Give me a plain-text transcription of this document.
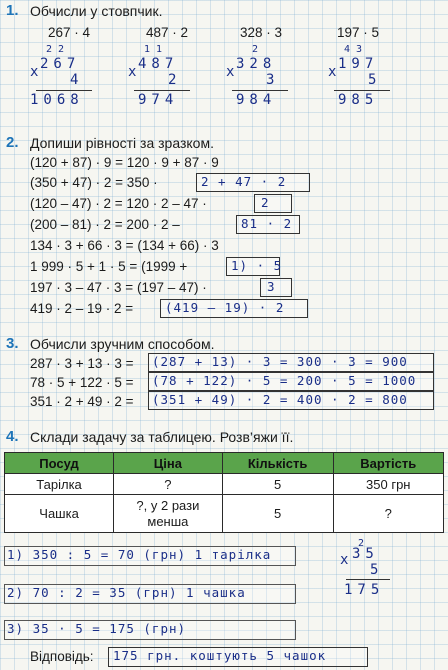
1. Обчисли у стовпчик.
267 · 4	487 · 2	328 · 3	197 · 5
2 2
x 267
4
1068
1 1
x 487
2
974
2
x 328
3
984
4 3
x 197
5
985
2. Допиши рівності за зразком.
(120 + 87) · 9 = 120 · 9 + 87 · 9
(350 + 47) · 2 = 350 ·	2 + 47 · 2
(120 – 47) · 2 = 120 · 2 – 47 ·	2
(200 – 81) · 2 = 200 · 2 –	81 · 2
134 · 3 + 66 · 3 = (134 + 66) · 3
1 999 · 5 + 1 · 5 = (1999 +	1) · 5
197 · 3 – 47 · 3 = (197 – 47) ·	3
419 · 2 – 19 · 2 =	(419 – 19) · 2
3. Обчисли зручним способом.
287 · 3 + 13 · 3 = (287 + 13) · 3 = 300 · 3 = 900
78 · 5 + 122 · 5 = (78 + 122) · 5 = 200 · 5 = 1000
351 · 2 + 49 · 2 = (351 + 49) · 2 = 400 · 2 = 800
4. Склади задачу за таблицею. Розв’яжи її.
Посуд	Ціна	Кількість	Вартість
Тарілка	?	5	350 грн
Чашка	?, у 2 рази менша	5	?
1) 350 : 5 = 70 (грн) 1 тарілка
2) 70 : 2 = 35 (грн) 1 чашка
3) 35 · 5 = 175 (грн)
2
x 35
5
175
Відповідь: 175 грн. коштують 5 чашок
